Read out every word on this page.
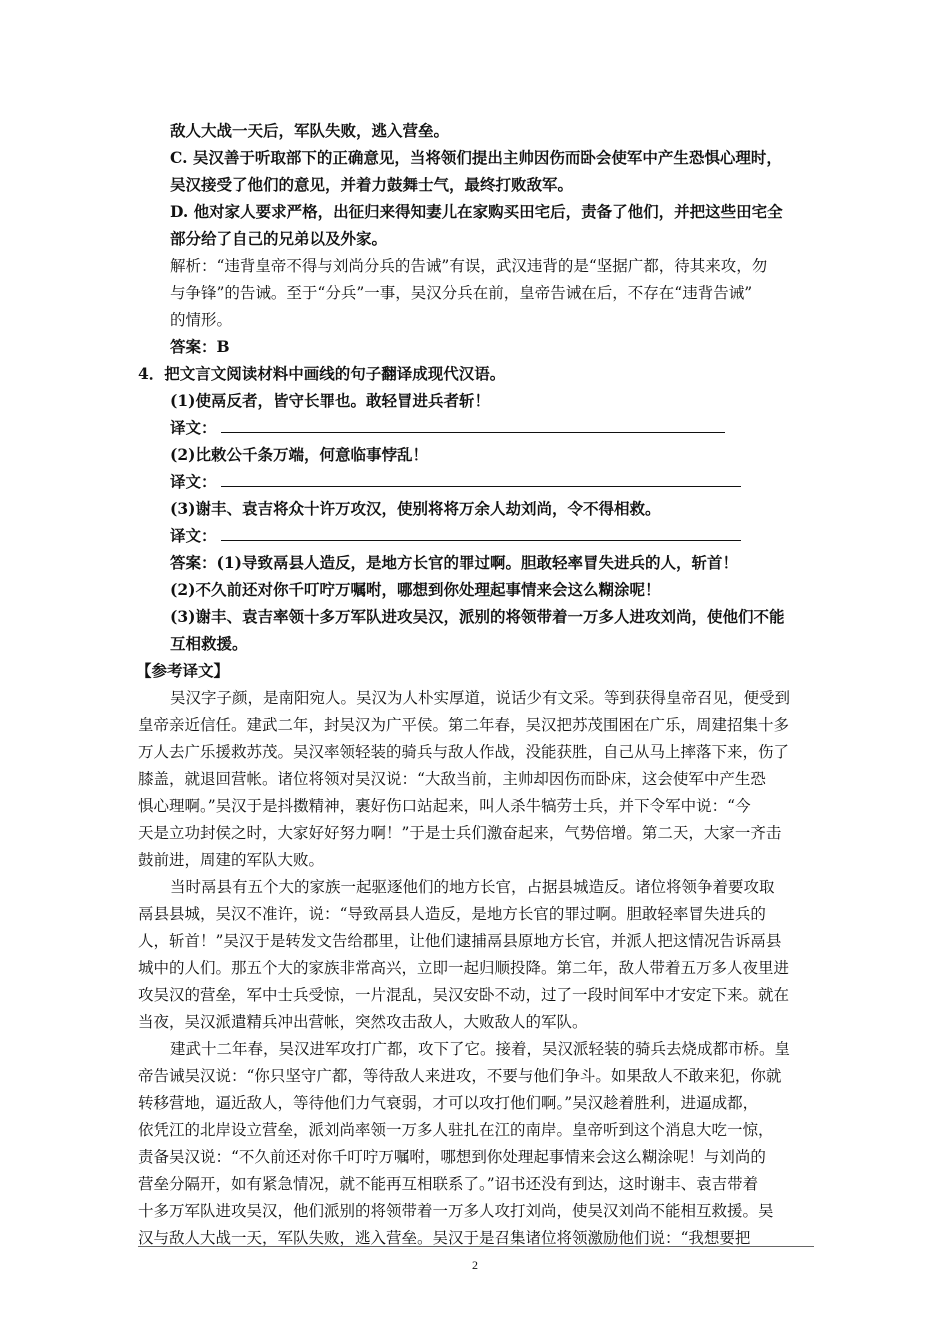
敌人大战一天后，军队失败，逃入营垒。
C. 吴汉善于听取部下的正确意见，当将领们提出主帅因伤而卧会使军中产生恐惧心理时，
吴汉接受了他们的意见，并着力鼓舞士气，最终打败敌军。
D. 他对家人要求严格，出征归来得知妻儿在家购买田宅后，责备了他们，并把这些田宅全
部分给了自己的兄弟以及外家。
解析：“违背皇帝不得与刘尚分兵的告诫”有误，武汉违背的是“坚据广都，待其来攻，勿
与争锋”的告诫。至于“分兵”一事，吴汉分兵在前，皇帝告诫在后，不存在“违背告诫”
的情形。
答案：B
4．把文言文阅读材料中画线的句子翻译成现代汉语。
(1)使鬲反者，皆守长罪也。敢轻冒进兵者斩！
译文：
(2)比敕公千条万端，何意临事悖乱！
译文：
(3)谢丰、袁吉将众十许万攻汉，使别将将万余人劫刘尚，令不得相救。
译文：
答案：(1)导致鬲县人造反，是地方长官的罪过啊。胆敢轻率冒失进兵的人，斩首！
(2)不久前还对你千叮咛万嘱咐，哪想到你处理起事情来会这么糊涂呢！
(3)谢丰、袁吉率领十多万军队进攻吴汉，派别的将领带着一万多人进攻刘尚，使他们不能
互相救援。
【参考译文】
吴汉字子颜，是南阳宛人。吴汉为人朴实厚道，说话少有文采。等到获得皇帝召见，便受到
皇帝亲近信任。建武二年，封吴汉为广平侯。第二年春，吴汉把苏茂围困在广乐，周建招集十多
万人去广乐援救苏茂。吴汉率领轻装的骑兵与敌人作战，没能获胜，自己从马上摔落下来，伤了
膝盖，就退回营帐。诸位将领对吴汉说：“大敌当前，主帅却因伤而卧床，这会使军中产生恐
惧心理啊。”吴汉于是抖擞精神，裹好伤口站起来，叫人杀牛犒劳士兵，并下令军中说：“今
天是立功封侯之时，大家好好努力啊！”于是士兵们激奋起来，气势倍增。第二天，大家一齐击
鼓前进，周建的军队大败。
当时鬲县有五个大的家族一起驱逐他们的地方长官，占据县城造反。诸位将领争着要攻取
鬲县县城，吴汉不准许，说：“导致鬲县人造反，是地方长官的罪过啊。胆敢轻率冒失进兵的
人，斩首！”吴汉于是转发文告给郡里，让他们逮捕鬲县原地方长官，并派人把这情况告诉鬲县
城中的人们。那五个大的家族非常高兴，立即一起归顺投降。第二年，敌人带着五万多人夜里进
攻吴汉的营垒，军中士兵受惊，一片混乱，吴汉安卧不动，过了一段时间军中才安定下来。就在
当夜，吴汉派遣精兵冲出营帐，突然攻击敌人，大败敌人的军队。
建武十二年春，吴汉进军攻打广都，攻下了它。接着，吴汉派轻装的骑兵去烧成都市桥。皇
帝告诫吴汉说：“你只坚守广都，等待敌人来进攻，不要与他们争斗。如果敌人不敢来犯，你就
转移营地，逼近敌人，等待他们力气衰弱，才可以攻打他们啊。”吴汉趁着胜利，进逼成都，
依凭江的北岸设立营垒，派刘尚率领一万多人驻扎在江的南岸。皇帝听到这个消息大吃一惊，
责备吴汉说：“不久前还对你千叮咛万嘱咐，哪想到你处理起事情来会这么糊涂呢！与刘尚的
营垒分隔开，如有紧急情况，就不能再互相联系了。”诏书还没有到达，这时谢丰、袁吉带着
十多万军队进攻吴汉，他们派别的将领带着一万多人攻打刘尚，使吴汉刘尚不能相互救援。吴
汉与敌人大战一天，军队失败，逃入营垒。吴汉于是召集诸位将领激励他们说：“我想要把
2
